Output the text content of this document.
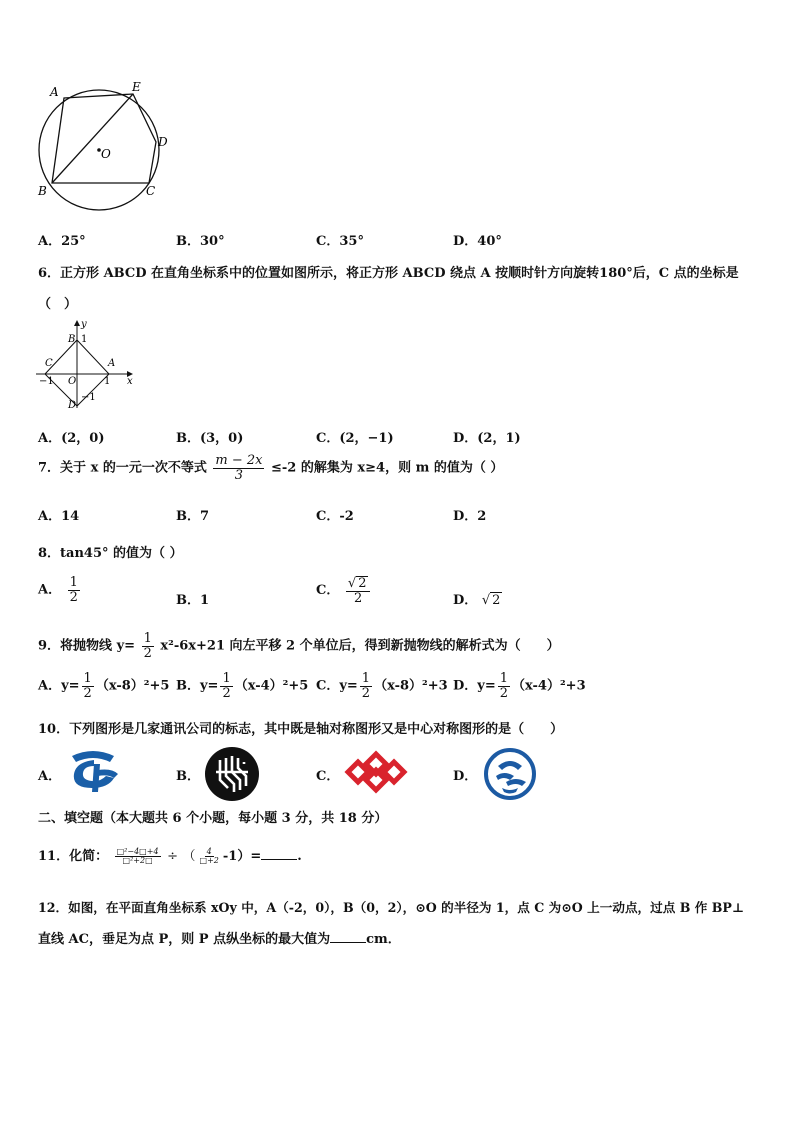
A	E
D
O
B	C
A．25°	B．30°	C．35°	D．40°
6．正方形 ABCD 在直角坐标系中的位置如图所示，将正方形 ABCD 绕点 A 按顺时针方向旋转180°后，C 点的坐标是
（　）
y
x
B 1
C	A
−1 O	1
D
−1
A．(2，0)	B．(3，0)	C．(2，−1)	D．(2，1)
7．关于 x 的一元一次不等式 $\frac{m - 2x}{3} \le-2$ 的解集为 x≥4，则 m 的值为（ ）
A．14	B．7	C．-2	D．2
8．tan45° 的值为（ ）
A． $\frac{1}{2}$	B．1
C． $\frac{√ 2}{2}$	D． √ 2
9．将抛物线 $y= \frac{1}{2} x^2-6x+21$ 向左平移 2 个单位后，得到新抛物线的解析式为（　　）
A．$y= \frac{1}{2} (x-8)^2+5$ B．$y= \frac{1}{2} (x-4)^2+5$ C．$y= \frac{1}{2} (x-8)^2+3$ D．$y= \frac{1}{2} (x-4)^2+3$
10．下列图形是几家通讯公司的标志，其中既是轴对称图形又是中心对称图形的是（　　）
A．	B．	C．	D．
二、填空题（本大题共 6 个小题，每小题 3 分，共 18 分）
11．化简： $\frac{\text{□²−4□+4}}{\text{□²+2□}}$ ÷ （ $\frac{4}{□+2} -1)=$	.
12．如图，在平面直角坐标系 xOy 中，A（-2，0），B（0，2），⊙O 的半径为 1，点 C 为⊙O 上一动点，过点 B 作 BP⊥
直线 AC，垂足为点 P，则 P 点纵坐标的最大值为	cm．
